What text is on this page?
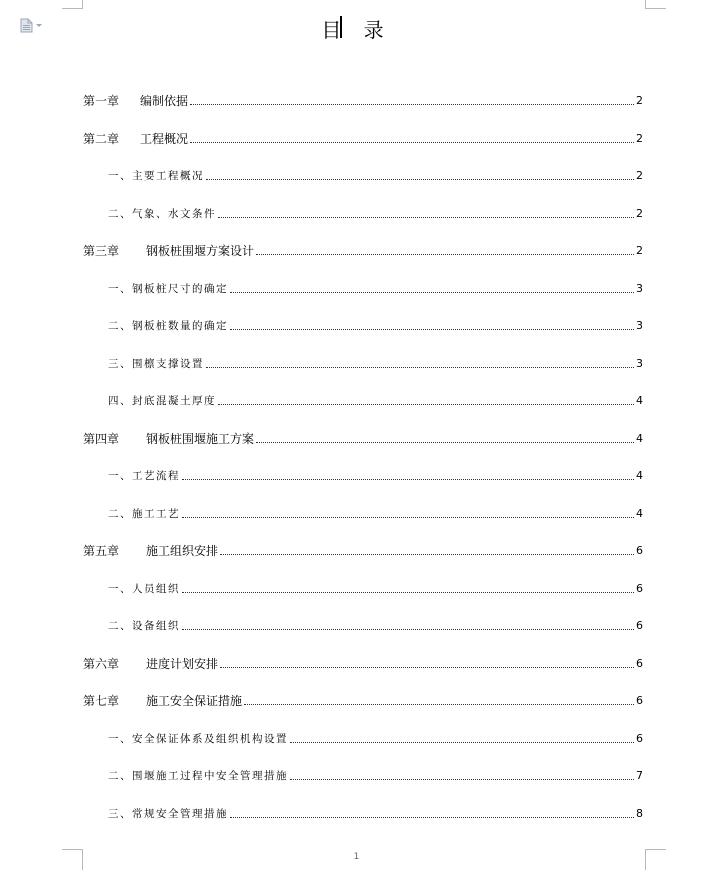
目 录
第一章	编制依据	2
第二章	工程概况	2
一、 主要工程概况	2
二、 气象、水文条件	2
第三章	钢板桩围堰方案设计	2
一、 钢板桩尺寸的确定	3
二、 钢板桩数量的确定	3
三、 围檩支撑设置	3
四、 封底混凝土厚度	4
第四章	钢板桩围堰施工方案	4
一、 工艺流程	4
二、 施工工艺	4
第五章	施工组织安排	6
一、 人员组织	6
二、 设备组织	6
第六章	进度计划安排	6
第七章	施工安全保证措施	6
一、 安全保证体系及组织机构设置	6
二、 围堰施工过程中安全管理措施	7
三、 常规安全管理措施	8
1
